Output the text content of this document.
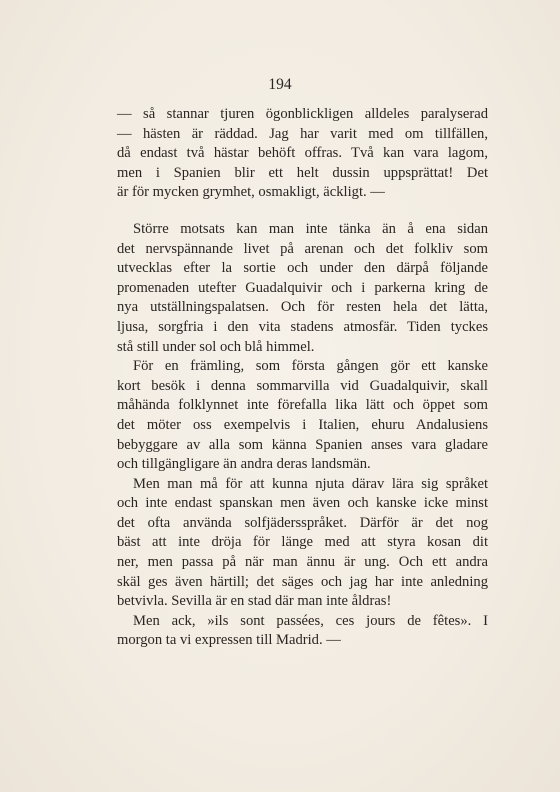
194
— så stannar tjuren ögonblickligen alldeles paralyserad
— hästen är räddad. Jag har varit med om tillfällen,
då endast två hästar behöft offras. Två kan vara lagom,
men i Spanien blir ett helt dussin uppsprättat! Det
är för mycken grymhet, osmakligt, äckligt. —
Större motsats kan man inte tänka än å ena sidan
det nervspännande livet på arenan och det folkliv som
utvecklas efter la sortie och under den därpå följande
promenaden utefter Guadalquivir och i parkerna kring de
nya utställningspalatsen. Och för resten hela det lätta,
ljusa, sorgfria i den vita stadens atmosfär. Tiden tyckes
stå still under sol och blå himmel.
För en främling, som första gången gör ett kanske
kort besök i denna sommarvilla vid Guadalquivir, skall
måhända folklynnet inte förefalla lika lätt och öppet som
det möter oss exempelvis i Italien, ehuru Andalusiens
bebyggare av alla som känna Spanien anses vara gladare
och tillgängligare än andra deras landsmän.
Men man må för att kunna njuta därav lära sig språket
och inte endast spanskan men även och kanske icke minst
det ofta använda solfjädersspråket. Därför är det nog
bäst att inte dröja för länge med att styra kosan dit
ner, men passa på när man ännu är ung. Och ett andra
skäl ges även härtill; det säges och jag har inte anledning
betvivla. Sevilla är en stad där man inte åldras!
Men ack, »ils sont passées, ces jours de fêtes». I
morgon ta vi expressen till Madrid. —
